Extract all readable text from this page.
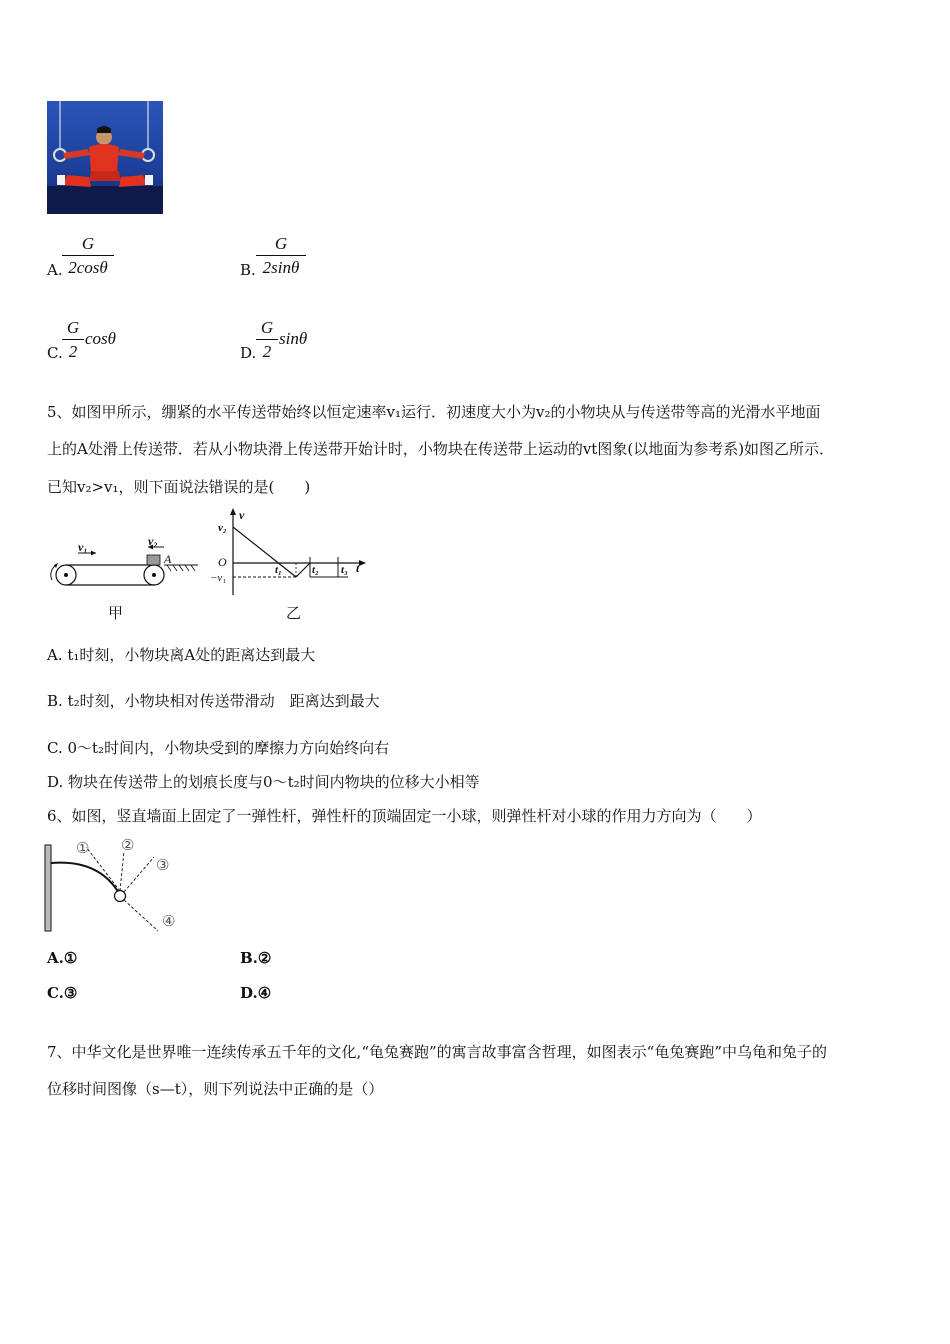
A. $\frac{G}{2\cos\theta}$	B. $\frac{G}{2\sin\theta}$
C. $\frac{G}{2}$ cosθ
D. $\frac{G}{2}$ sinθ
5、如图甲所示，绷紧的水平传送带始终以恒定速率v₁运行．初速度大小为v₂的小物块从与传送带等高的光滑水平地面
上的A处滑上传送带．若从小物块滑上传送带开始计时，小物块在传送带上运动的vt图象(以地面为参考系)如图乙所示．
已知v₂>v₁，则下面说法错误的是(　　)
v₁	v₂
A
甲
v
v₂
O
−v₁
t₁	t₂ t₃ t
乙
A. t₁时刻，小物块离A处的距离达到最大
B. t₂时刻，小物块相对传送带滑动　距离达到最大
C. 0～t₂时间内，小物块受到的摩擦力方向始终向右
D. 物块在传送带上的划痕长度与0～t₂时间内物块的位移大小相等
6、如图，竖直墙面上固定了一弹性杆，弹性杆的顶端固定一小球，则弹性杆对小球的作用力方向为（　　）
① ②
③
④
A.①	B.②
C.③	D.④
7、中华文化是世界唯一连续传承五千年的文化,“龟兔赛跑”的寓言故事富含哲理，如图表示“龟兔赛跑”中乌龟和兔子的
位移时间图像（s—t），则下列说法中正确的是（）
